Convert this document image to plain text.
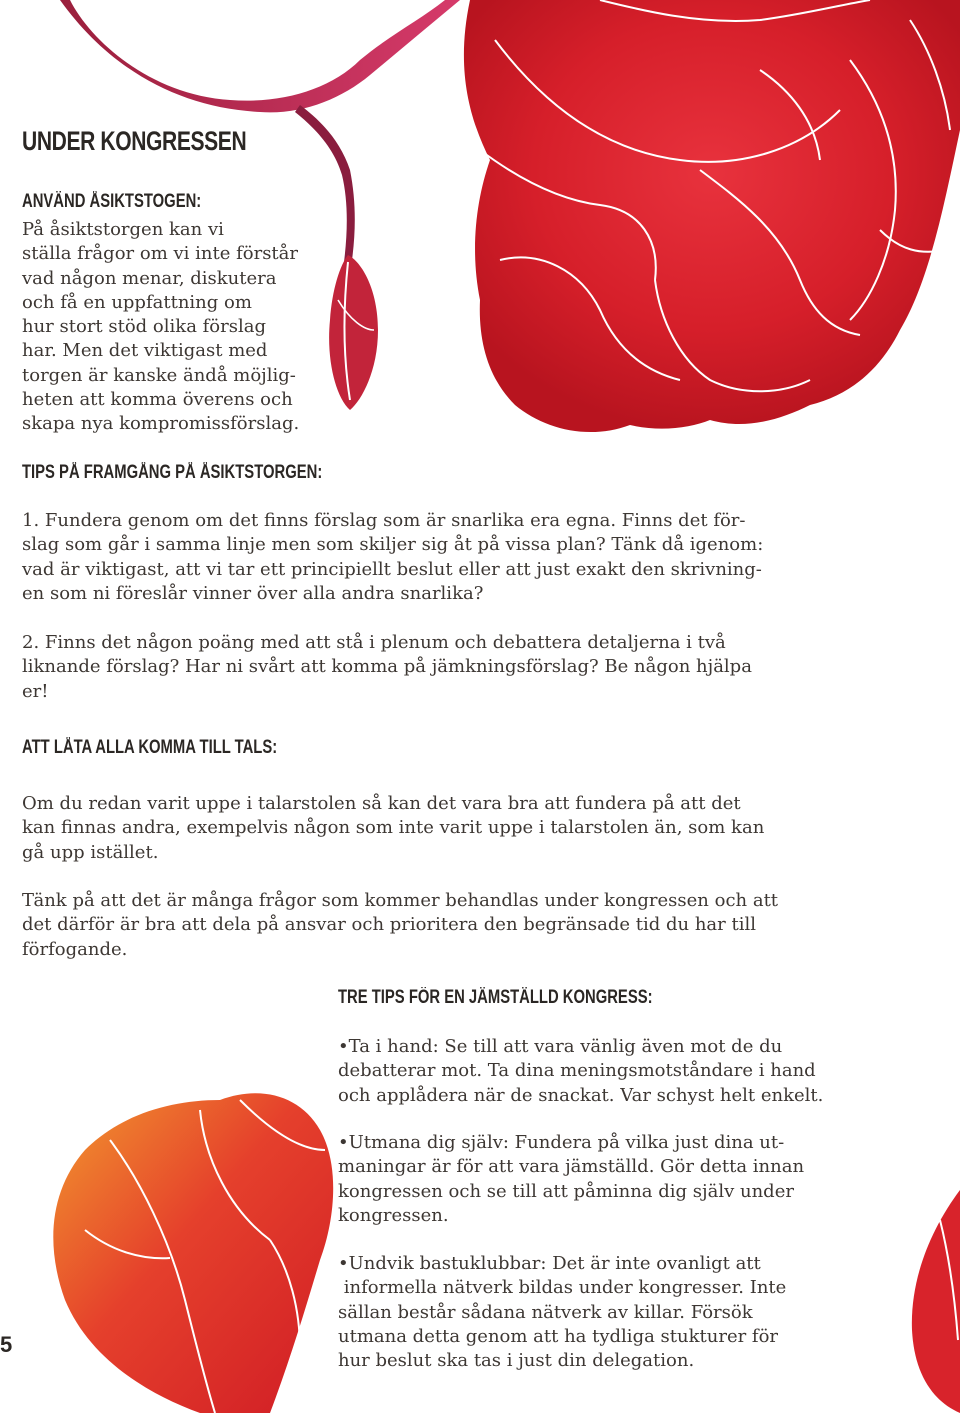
UNDER KONGRESSEN
ANVÄND ÅSIKTSTOGEN:
På åsiktstorgen kan vi
ställa frågor om vi inte förstår
vad någon menar, diskutera
och få en uppfattning om
hur stort stöd olika förslag
har. Men det viktigast med
torgen är kanske ändå möjlig-
heten att komma överens och
skapa nya kompromissförslag.
TIPS PÅ FRAMGÅNG PÅ ÅSIKTSTORGEN:
1. Fundera genom om det finns förslag som är snarlika era egna. Finns det för-
slag som går i samma linje men som skiljer sig åt på vissa plan? Tänk då igenom:
vad är viktigast, att vi tar ett principiellt beslut eller att just exakt den skrivning-
en som ni föreslår vinner över alla andra snarlika?
2. Finns det någon poäng med att stå i plenum och debattera detaljerna i två
liknande förslag? Har ni svårt att komma på jämkningsförslag? Be någon hjälpa
er!
ATT LÅTA ALLA KOMMA TILL TALS:
Om du redan varit uppe i talarstolen så kan det vara bra att fundera på att det
kan finnas andra, exempelvis någon som inte varit uppe i talarstolen än, som kan
gå upp istället.
Tänk på att det är många frågor som kommer behandlas under kongressen och att
det därför är bra att dela på ansvar och prioritera den begränsade tid du har till
förfogande.
TRE TIPS FÖR EN JÄMSTÄLLD KONGRESS:
•Ta i hand: Se till att vara vänlig även mot de du
debatterar mot. Ta dina meningsmotståndare i hand
och applådera när de snackat. Var schyst helt enkelt.
•Utmana dig själv: Fundera på vilka just dina ut-
maningar är för att vara jämställd. Gör detta innan
kongressen och se till att påminna dig själv under
kongressen.
•Undvik bastuklubbar: Det är inte ovanligt att
informella nätverk bildas under kongresser. Inte
sällan består sådana nätverk av killar. Försök
utmana detta genom att ha tydliga stukturer för
hur beslut ska tas i just din delegation.
5
